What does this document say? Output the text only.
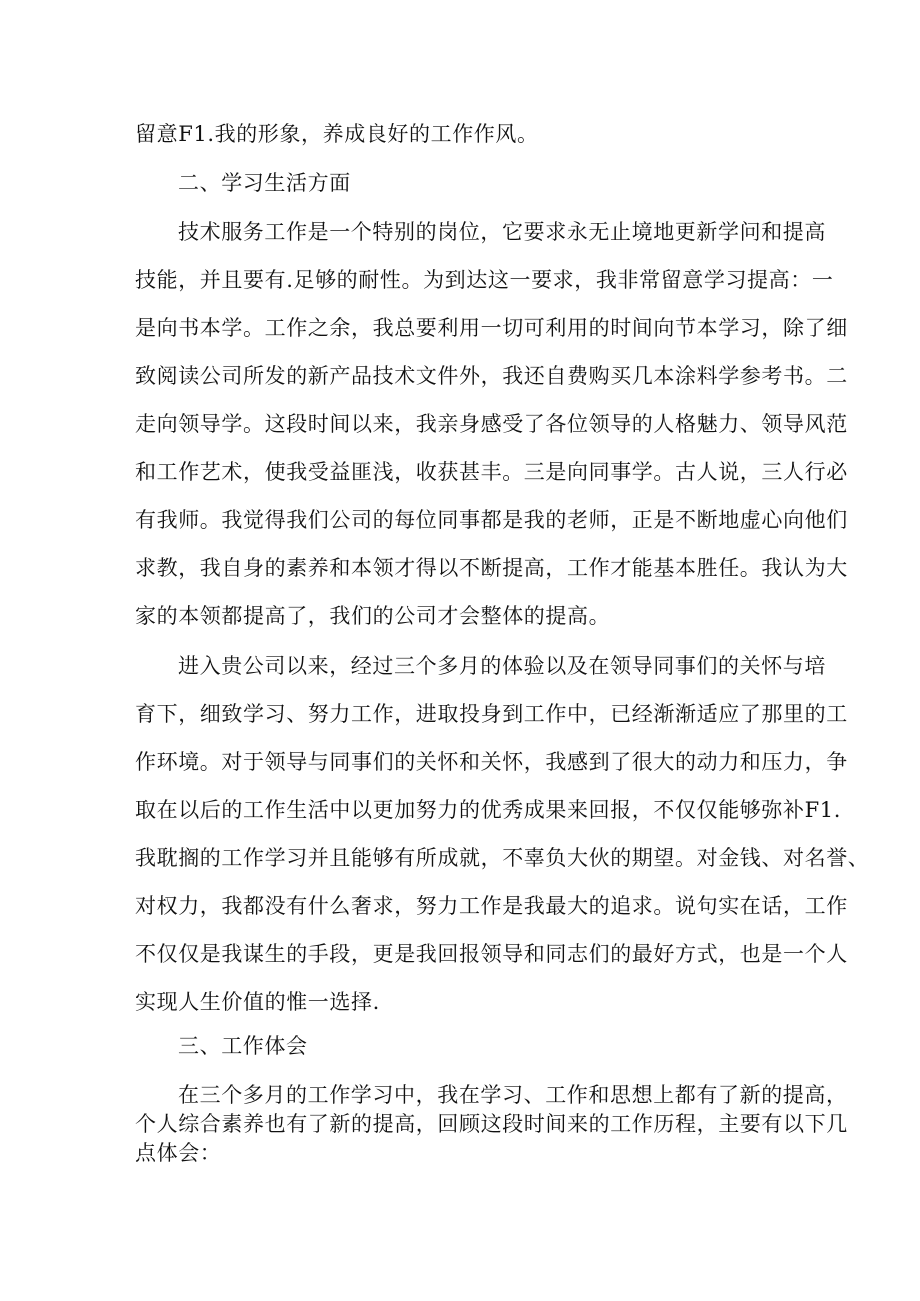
留意F1.我的形象，养成良好的工作作风。
二、学习生活方面
技术服务工作是一个特别的岗位，它要求永无止境地更新学问和提高
技能，并且要有.足够的耐性。为到达这一要求，我非常留意学习提高：一
是向书本学。工作之余，我总要利用一切可利用的时间向节本学习，除了细
致阅读公司所发的新产品技术文件外，我还自费购买几本涂料学参考书。二
走向领导学。这段时间以来，我亲身感受了各位领导的人格魅力、领导风范
和工作艺术，使我受益匪浅，收获甚丰。三是向同事学。古人说，三人行必
有我师。我觉得我们公司的每位同事都是我的老师，正是不断地虚心向他们
求教，我自身的素养和本领才得以不断提高，工作才能基本胜任。我认为大
家的本领都提高了，我们的公司才会整体的提高。
进入贵公司以来，经过三个多月的体验以及在领导同事们的关怀与培
育下，细致学习、努力工作，进取投身到工作中，已经渐渐适应了那里的工
作环境。对于领导与同事们的关怀和关怀，我感到了很大的动力和压力，争
取在以后的工作生活中以更加努力的优秀成果来回报，不仅仅能够弥补F1.
我耽搁的工作学习并且能够有所成就，不辜负大伙的期望。对金钱、对名誉、
对权力，我都没有什么奢求，努力工作是我最大的追求。说句实在话，工作
不仅仅是我谋生的手段，更是我回报领导和同志们的最好方式，也是一个人
实现人生价值的惟一选择.
三、工作体会
在三个多月的工作学习中，我在学习、工作和思想上都有了新的提高，
个人综合素养也有了新的提高，回顾这段时间来的工作历程，主要有以下几
点体会：
